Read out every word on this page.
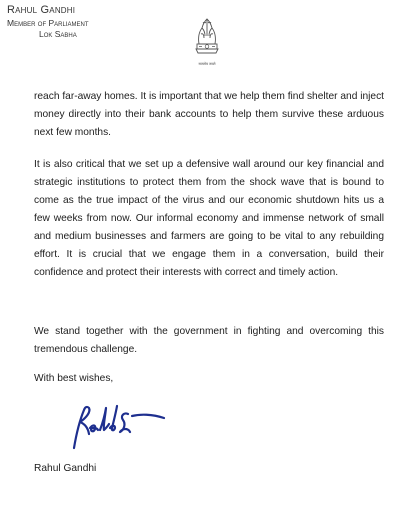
Rahul Gandhi
Member of Parliament
Lok Sabha
सत्यमेव जयते
reach far-away homes. It is important that we help them find shelter and inject money directly into their bank accounts to help them survive these arduous next few months.
It is also critical that we set up a defensive wall around our key financial and strategic institutions to protect them from the shock wave that is bound to come as the true impact of the virus and our economic shutdown hits us a few weeks from now. Our informal economy and immense network of small and medium businesses and farmers are going to be vital to any rebuilding effort. It is crucial that we engage them in a conversation, build their confidence and protect their interests with correct and timely action.
We stand together with the government in fighting and overcoming this tremendous challenge.
With best wishes,
Rahul Gandhi
